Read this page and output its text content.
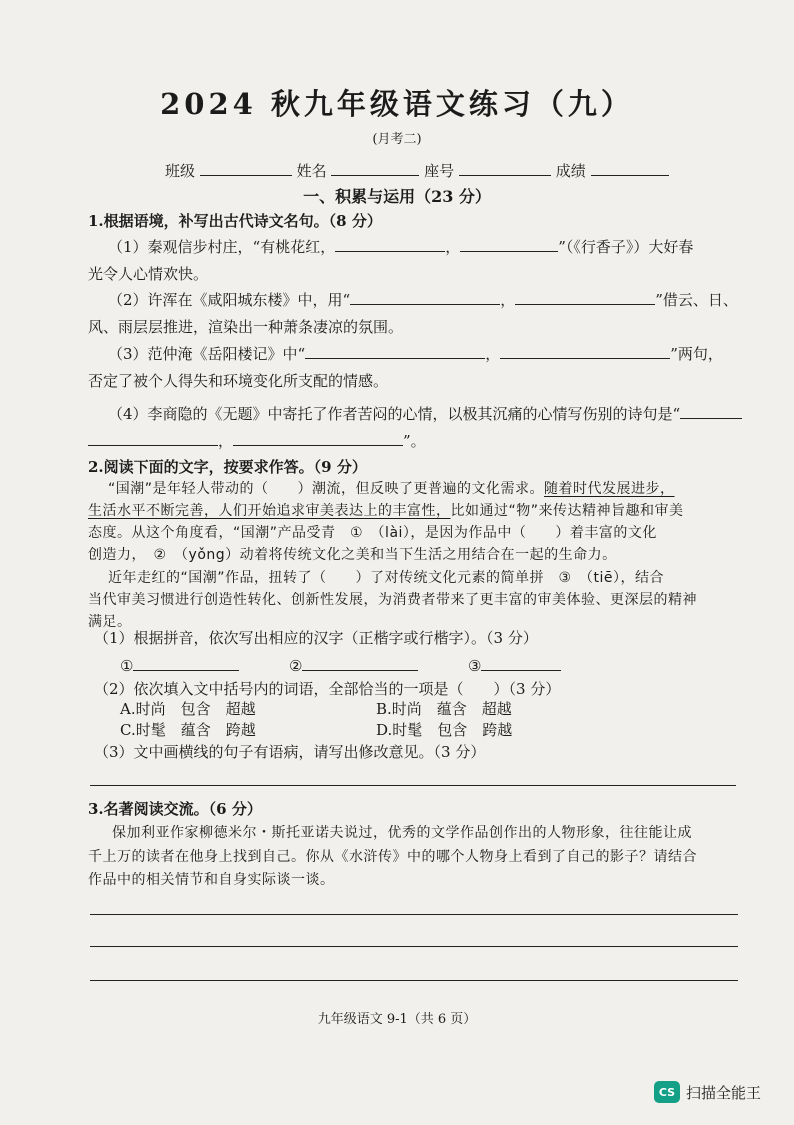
2024 秋九年级语文练习（九）
(月考二)
班级	姓名	座号	成绩
一、积累与运用（23 分）
1.根据语境，补写出古代诗文名句。（8 分）
（1）秦观信步村庄，“有桃花红，	，	”（《行香子》）大好春
光令人心情欢快。
（2）许浑在《咸阳城东楼》中，用“	，	”借云、日、
风、雨层层推进，渲染出一种萧条凄凉的氛围。
（3）范仲淹《岳阳楼记》中“	，	”两句，
否定了被个人得失和环境变化所支配的情感。
（4）李商隐的《无题》中寄托了作者苦闷的心情，以极其沉痛的心情写伤别的诗句是“
，	”。
2.阅读下面的文字，按要求作答。（9 分）
“国潮”是年轻人带动的（　　）潮流，但反映了更普遍的文化需求。随着时代发展进步，
生活水平不断完善，人们开始追求审美表达上的丰富性，比如通过“物”来传达精神旨趣和审美
态度。从这个角度看，“国潮”产品受青　①　（lài），是因为作品中（　　）着丰富的文化
创造力，　②　（yǒng）动着将传统文化之美和当下生活之用结合在一起的生命力。
近年走红的“国潮”作品，扭转了（　　）了对传统文化元素的简单拼　③　（tiē），结合
当代审美习惯进行创造性转化、创新性发展，为消费者带来了更丰富的审美体验、更深层的精神
满足。
（1）根据拼音，依次写出相应的汉字（正楷字或行楷字）。（3 分）
①	②	③
（2）依次填入文中括号内的词语，全部恰当的一项是（　　）（3 分）
A.时尚　包含　超越	B.时尚　蕴含　超越
C.时髦　蕴含　跨越	D.时髦　包含　跨越
（3）文中画横线的句子有语病，请写出修改意见。（3 分）
3.名著阅读交流。（6 分）
保加利亚作家柳德米尔・斯托亚诺夫说过，优秀的文学作品创作出的人物形象，往往能让成
千上万的读者在他身上找到自己。你从《水浒传》中的哪个人物身上看到了自己的影子？请结合
作品中的相关情节和自身实际谈一谈。
九年级语文 9-1（共 6 页）
CS 扫描全能王
